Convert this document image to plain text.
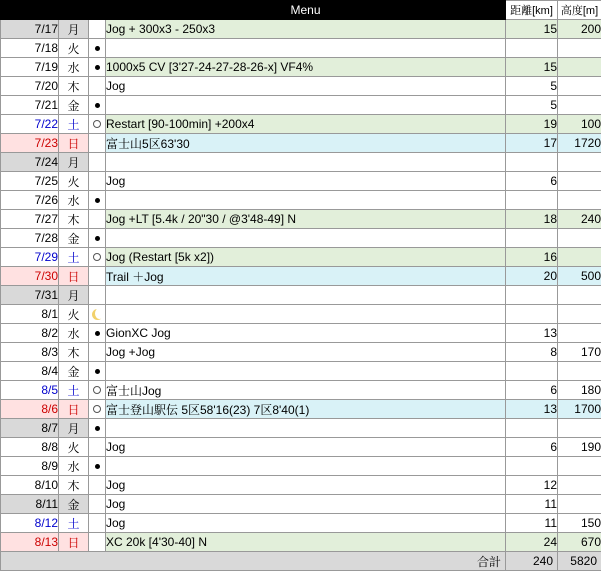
			Menu	距離[km]	高度[m]
7/17	月		Jog + 300x3 - 250x3	15	200
7/18	火				
7/19	水		1000x5 CV [3'27-24-27-28-26-x] VF4%	15	
7/20	木		Jog	5	
7/21	金			5	
7/22	土		Restart [90-100min] +200x4	19	100
7/23	日		富士山5区63'30	17	1720
7/24	月				
7/25	火		Jog	6	
7/26	水				
7/27	木		Jog +LT [5.4k / 20"30 / @3'48-49] N	18	240
7/28	金				
7/29	土		Jog (Restart [5k x2])	16	
7/30	日		Trail ＋Jog	20	500
7/31	月				
8/1	火				
8/2	水		GionXC Jog	13	
8/3	木		Jog +Jog	8	170
8/4	金				
8/5	土		富士山Jog	6	180
8/6	日		富士登山駅伝 5区58'16(23) 7区8'40(1)	13	1700
8/7	月				
8/8	火		Jog	6	190
8/9	水				
8/10	木		Jog	12	
8/11	金		Jog	11	
8/12	土		Jog	11	150
8/13	日		XC 20k [4'30-40] N	24	670
合計				240	5820
